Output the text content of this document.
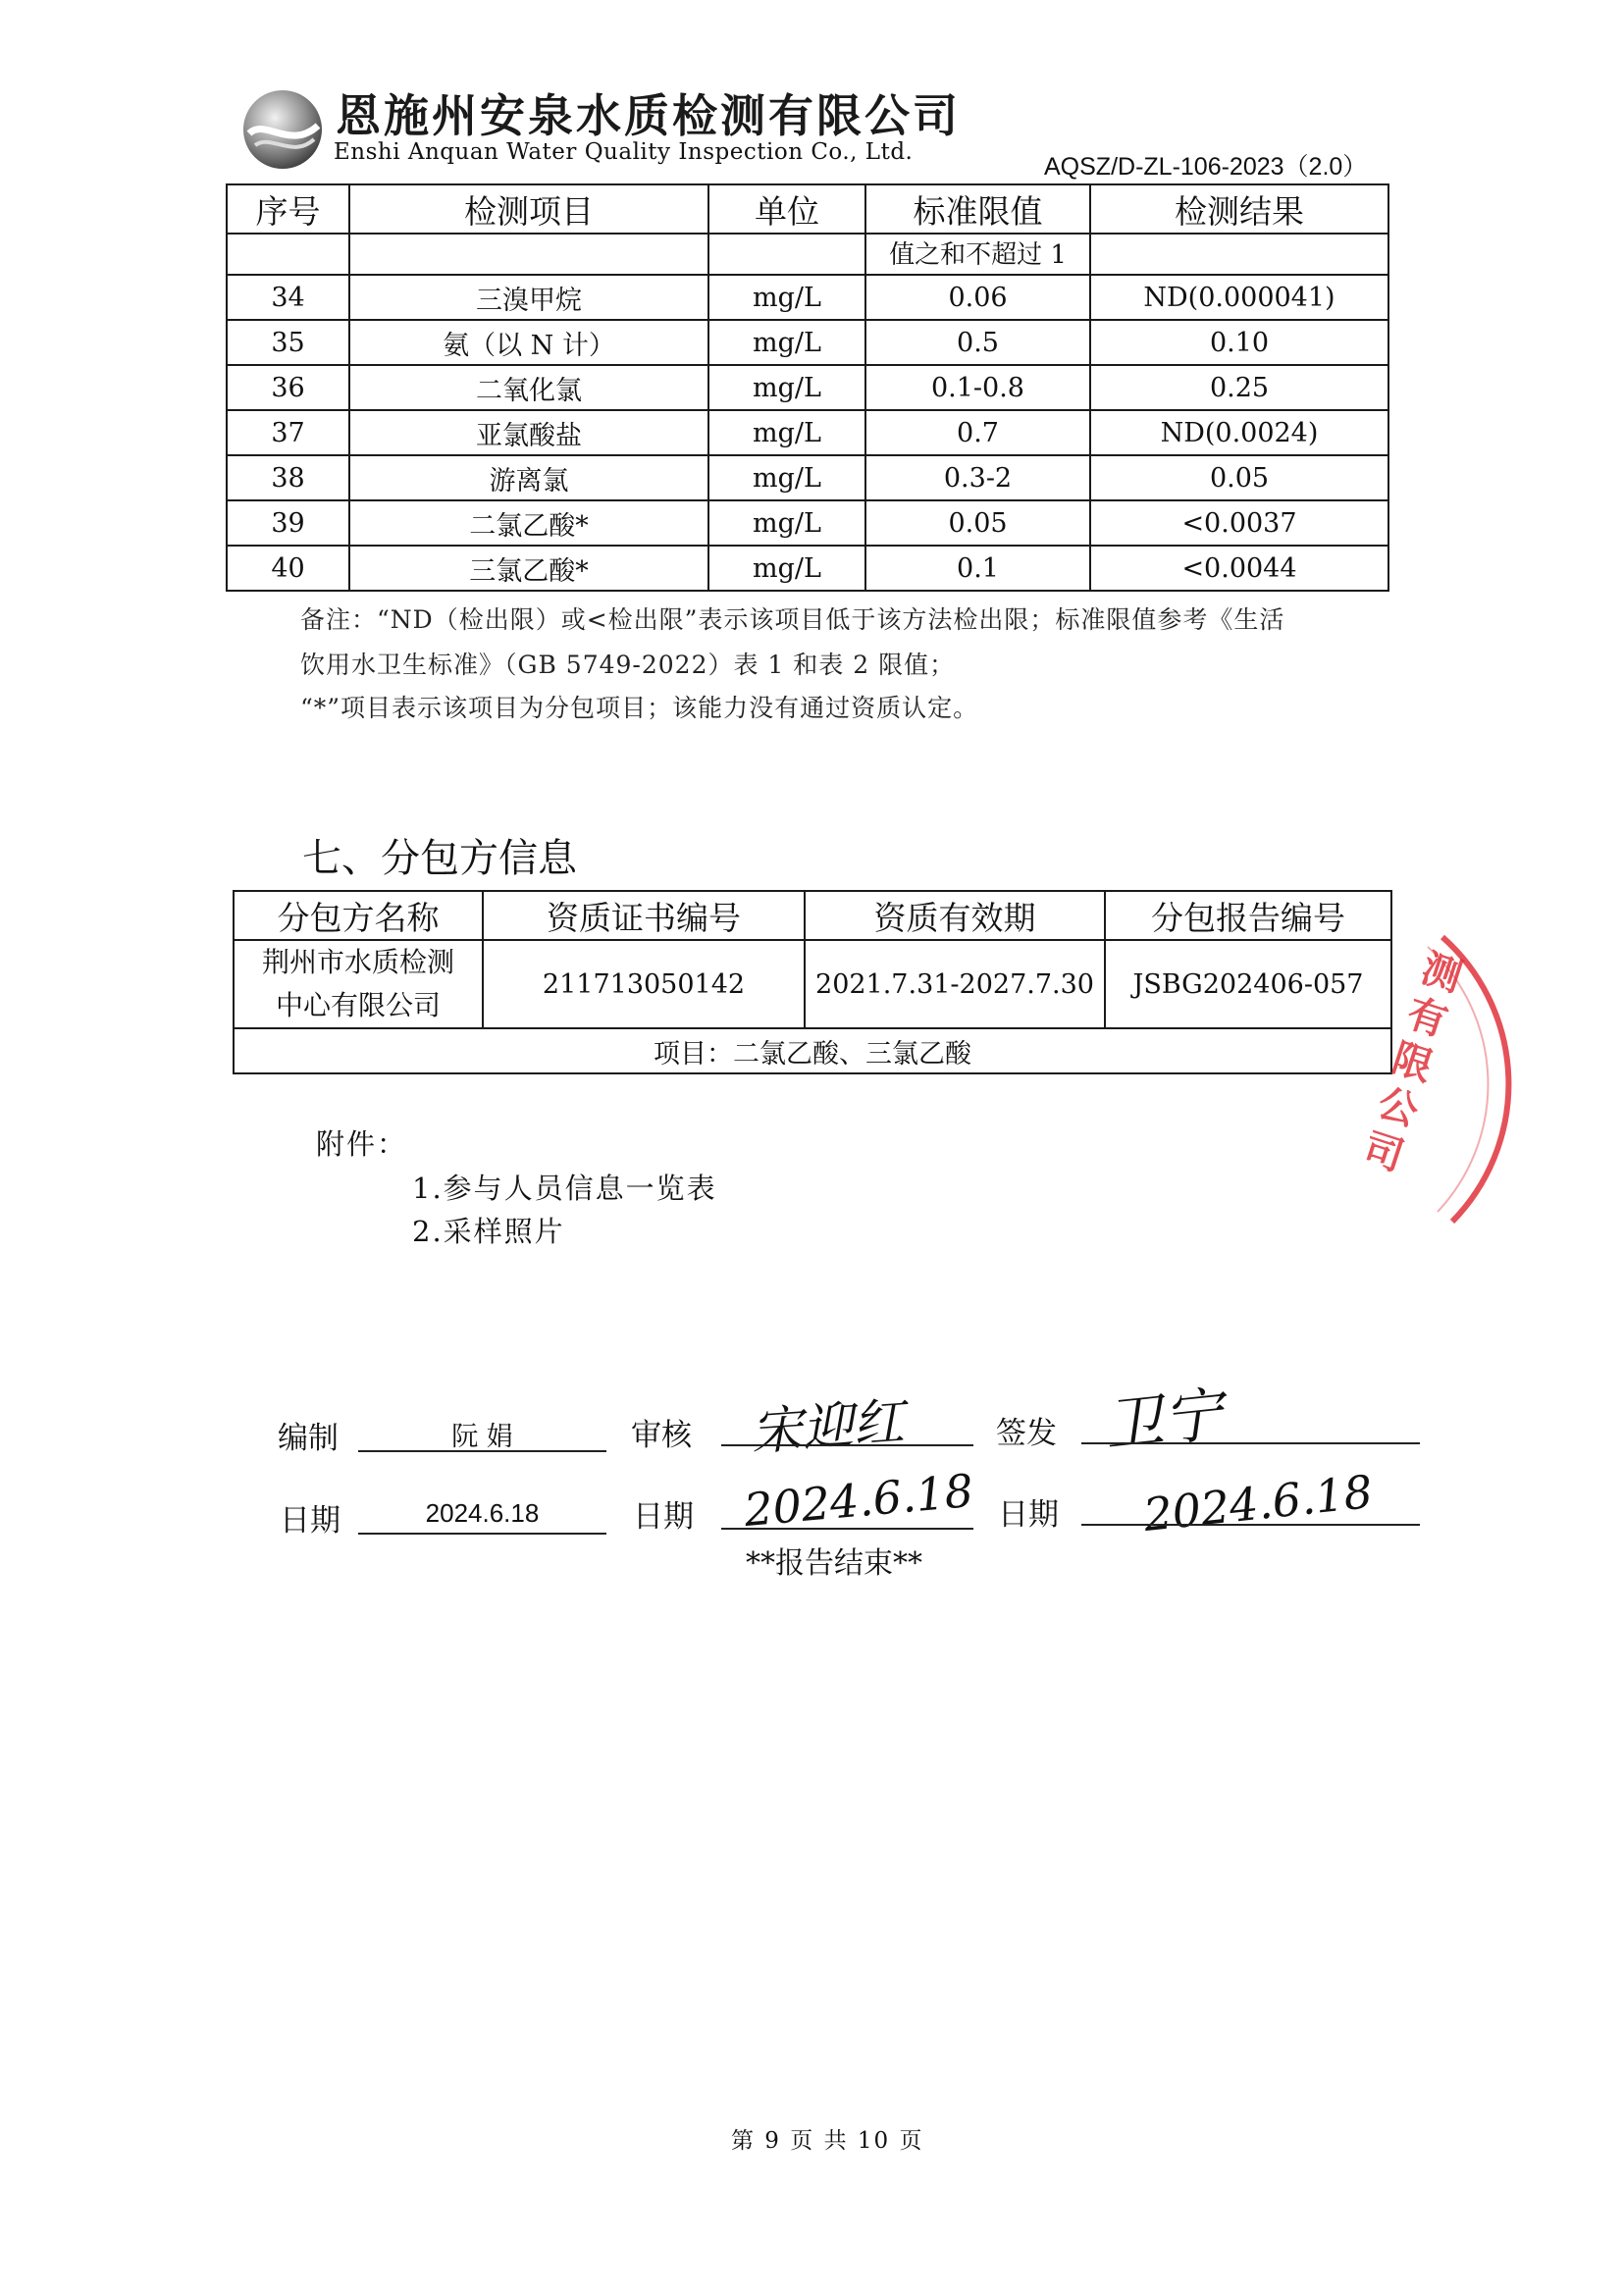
恩施州安泉水质检测有限公司
Enshi Anquan Water Quality Inspection Co., Ltd.
AQSZ/D-ZL-106-2023（2.0）
序号	检测项目	单位	标准限值	检测结果
			值之和不超过 1	
34	三溴甲烷	mg/L	0.06	ND(0.000041)
35	氨（以 N 计）	mg/L	0.5	0.10
36	二氧化氯	mg/L	0.1-0.8	0.25
37	亚氯酸盐	mg/L	0.7	ND(0.0024)
38	游离氯	mg/L	0.3-2	0.05
39	二氯乙酸*	mg/L	0.05	<0.0037
40	三氯乙酸*	mg/L	0.1	<0.0044
备注：“ND（检出限）或<检出限”表示该项目低于该方法检出限；标准限值参考《生活
饮用水卫生标准》（GB 5749-2022）表 1 和表 2 限值；
“*”项目表示该项目为分包项目；该能力没有通过资质认定。
七、分包方信息
分包方名称	资质证书编号	资质有效期	分包报告编号

荆州市水质检测
中心有限公司	211713050142	2021.7.31-2027.7.30	JSBG202406-057
项目：二氯乙酸、三氯乙酸			
测有限公司
附件：
1.参与人员信息一览表
2.采样照片
编制	阮 娟	审核 宋迎红	签发 卫宁
日期	2024.6.18	日期 2024.6.18 日期 2024.6.18
**报告结束**
第 9 页 共 10 页
